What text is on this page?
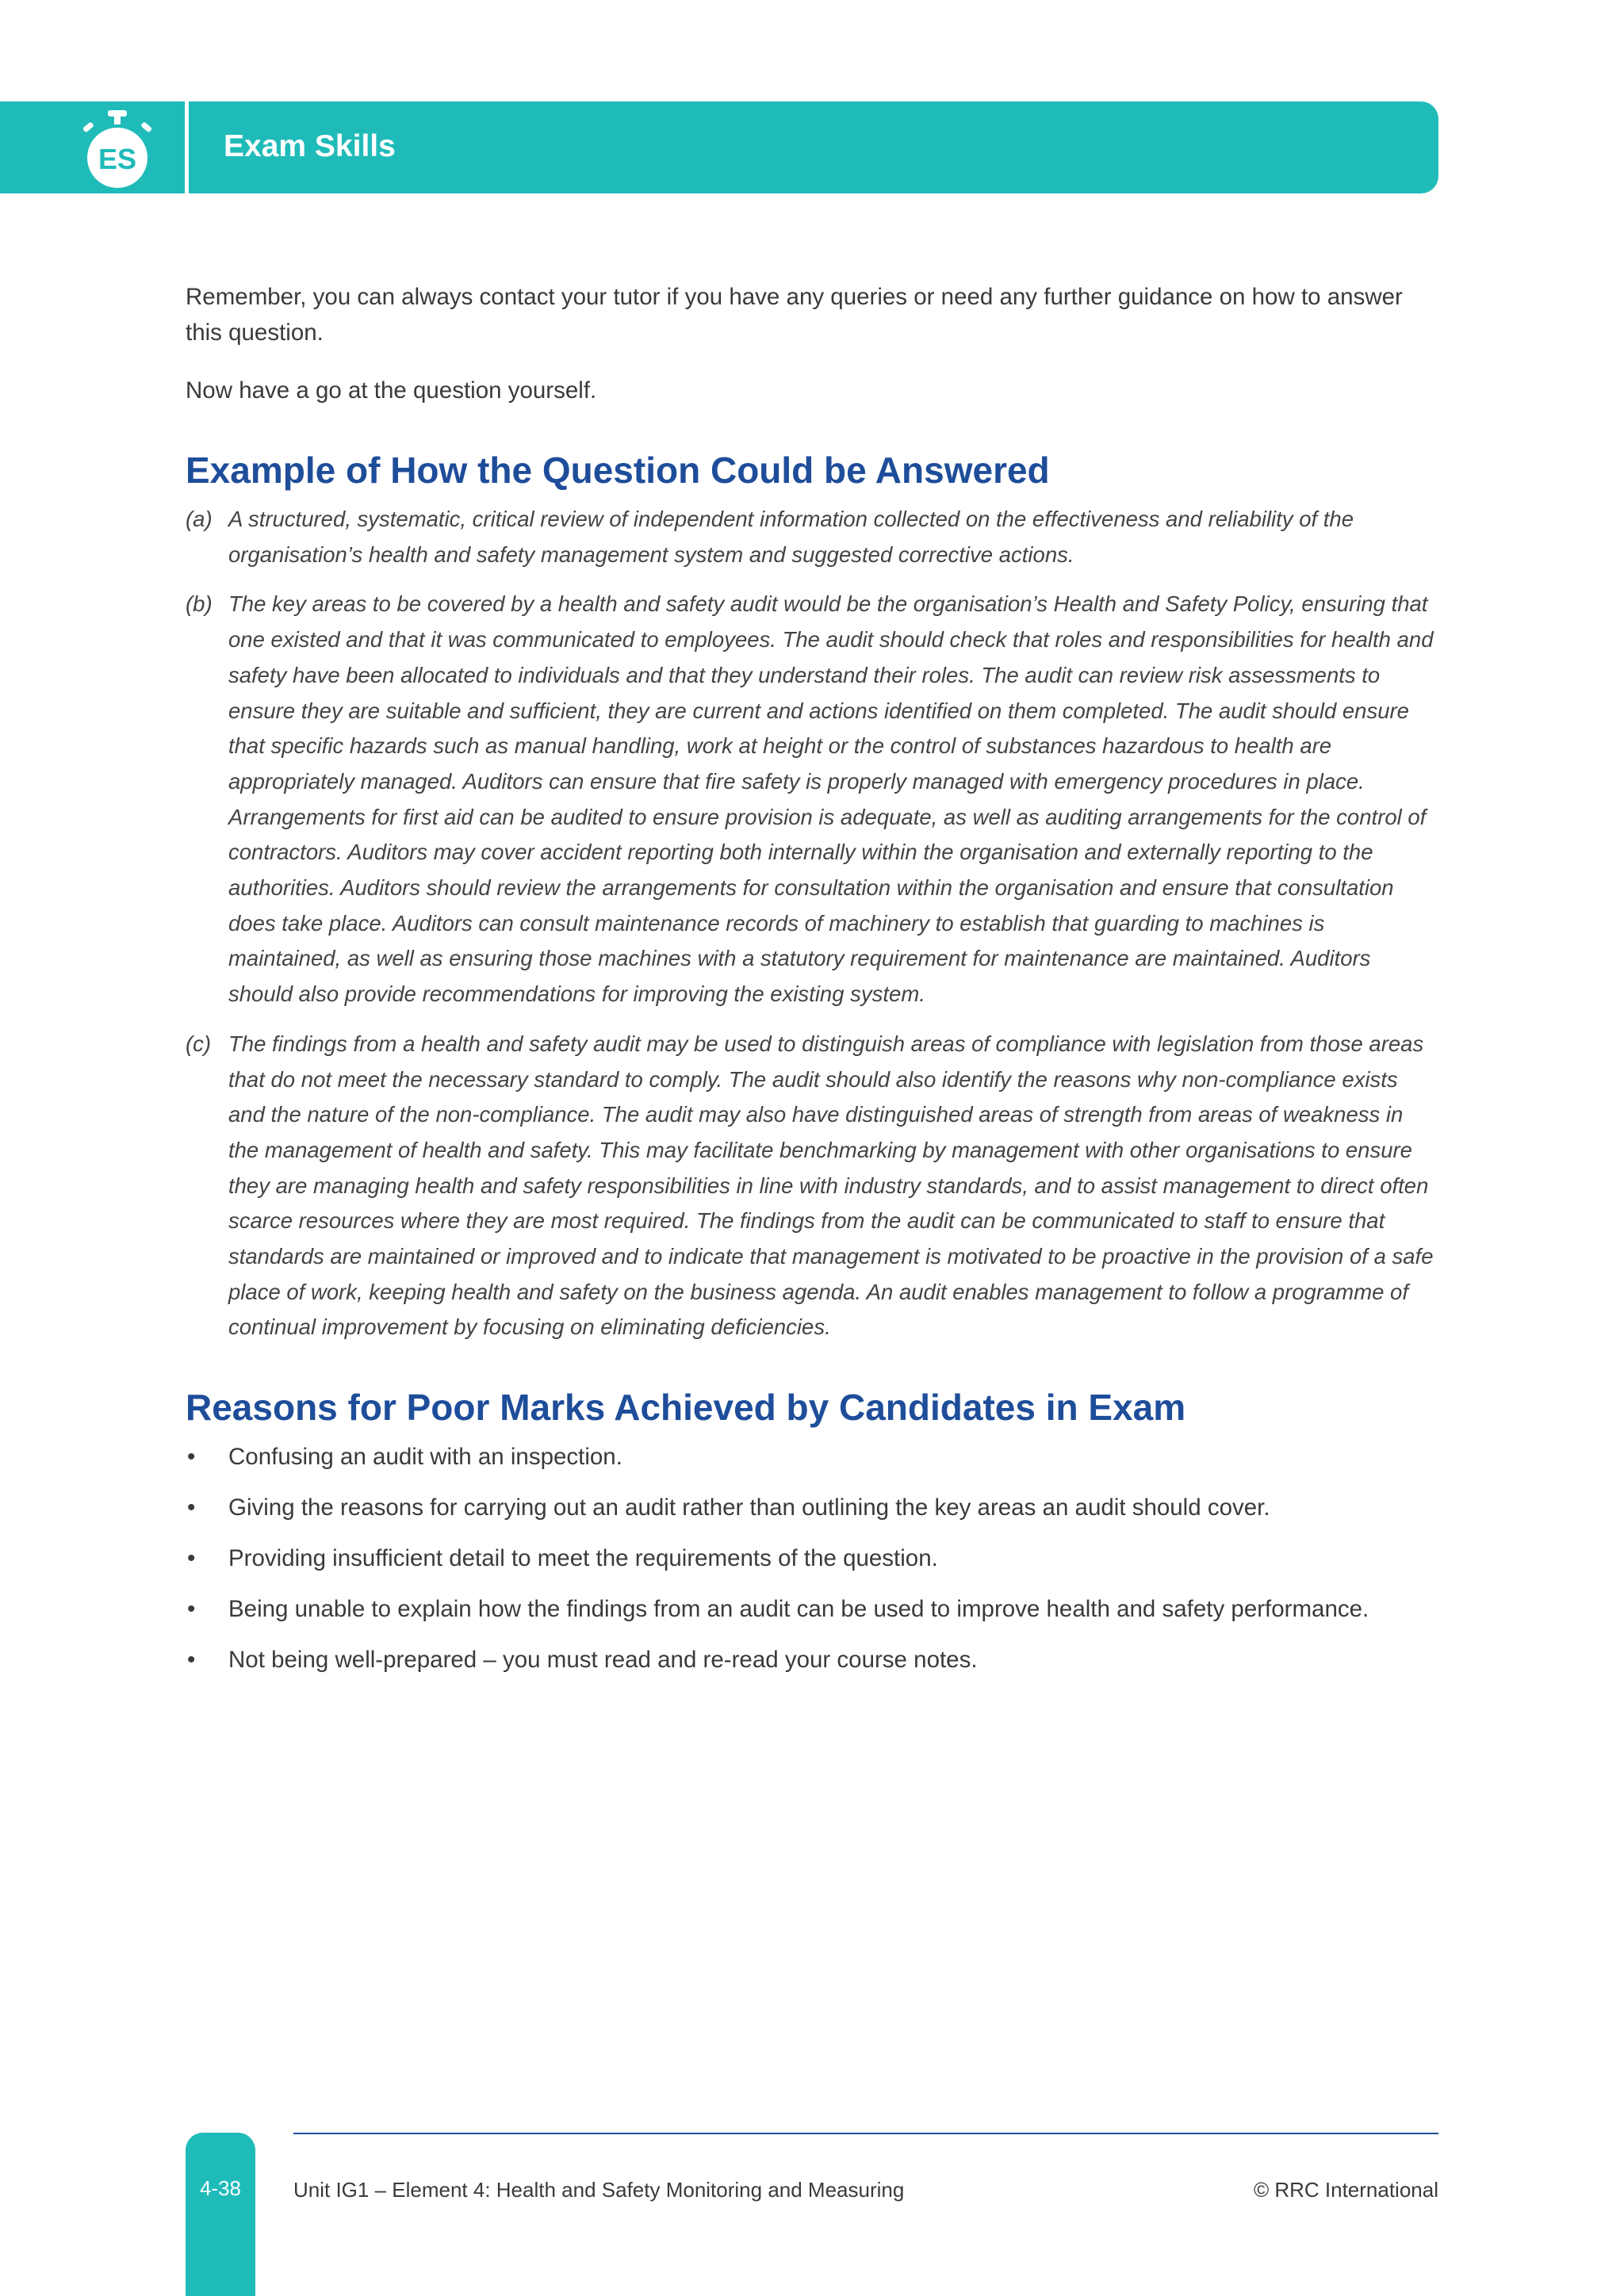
ES	Exam Skills

Remember, you can always contact your tutor if you have any queries or need any further guidance on how to answer this question.

Now have a go at the question yourself.

Example of How the Question Could be Answered
(a) A structured, systematic, critical review of independent information collected on the effectiveness and reliability of the organisation’s health and safety management system and suggested corrective actions.
(b) The key areas to be covered by a health and safety audit would be the organisation’s Health and Safety Policy, ensuring that one existed and that it was communicated to employees. The audit should check that roles and responsibilities for health and safety have been allocated to individuals and that they understand their roles. The audit can review risk assessments to ensure they are suitable and sufficient, they are current and actions identified on them completed. The audit should ensure that specific hazards such as manual handling, work at height or the control of substances hazardous to health are appropriately managed. Auditors can ensure that fire safety is properly managed with emergency procedures in place. Arrangements for first aid can be audited to ensure provision is adequate, as well as auditing arrangements for the control of contractors. Auditors may cover accident reporting both internally within the organisation and externally reporting to the authorities. Auditors should review the arrangements for consultation within the organisation and ensure that consultation does take place. Auditors can consult maintenance records of machinery to establish that guarding to machines is maintained, as well as ensuring those machines with a statutory requirement for maintenance are maintained. Auditors should also provide recommendations for improving the existing system.
(c) The findings from a health and safety audit may be used to distinguish areas of compliance with legislation from those areas that do not meet the necessary standard to comply. The audit should also identify the reasons why non-compliance exists and the nature of the non-compliance. The audit may also have distinguished areas of strength from areas of weakness in the management of health and safety. This may facilitate benchmarking by management with other organisations to ensure they are managing health and safety responsibilities in line with industry standards, and to assist management to direct often scarce resources where they are most required. The findings from the audit can be communicated to staff to ensure that standards are maintained or improved and to indicate that management is motivated to be proactive in the provision of a safe place of work, keeping health and safety on the business agenda. An audit enables management to follow a programme of continual improvement by focusing on eliminating deficiencies.
Reasons for Poor Marks Achieved by Candidates in Exam
• Confusing an audit with an inspection.
• Giving the reasons for carrying out an audit rather than outlining the key areas an audit should cover.
• Providing insufficient detail to meet the requirements of the question.
• Being unable to explain how the findings from an audit can be used to improve health and safety performance.
• Not being well-prepared – you must read and re-read your course notes.
4-38	Unit IG1 – Element 4: Health and Safety Monitoring and Measuring	© RRC International
